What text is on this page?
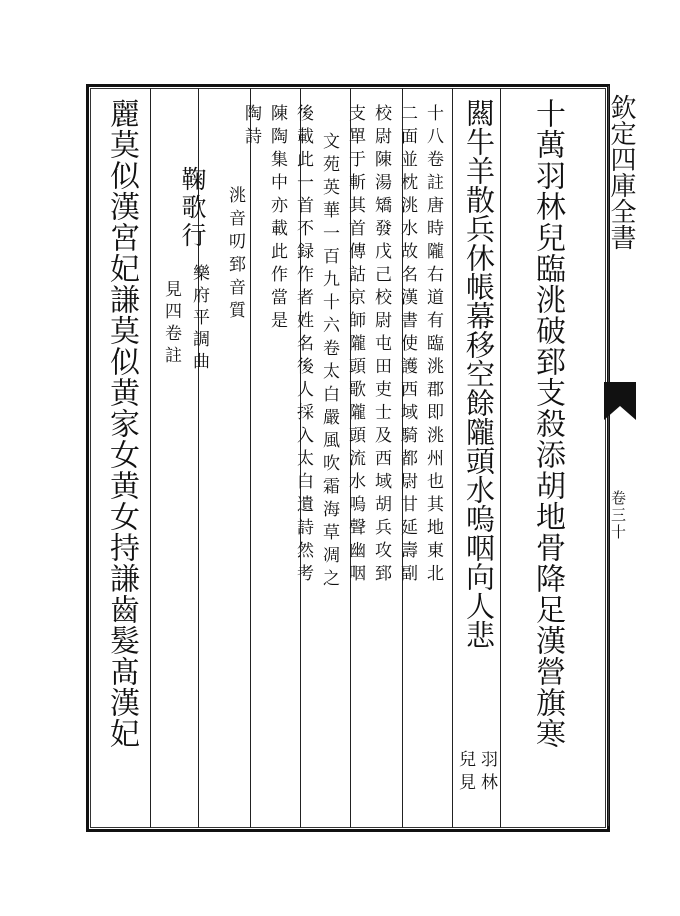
欽定四庫全書
卷三十
十萬羽林兒臨洮破郅支殺添胡地骨降足漢營旗寒
闗牛羊散兵休帳幕移空餘隴頭水嗚咽向人悲
羽林
兒見
十八卷註唐時隴右道有臨洮郡即洮州也其地東北
二面並枕洮水故名漢書使護西域騎都尉甘延壽副
校尉陳湯矯發戊己校尉屯田吏士及西域胡兵攻郅
支單于斬其首傳詁京師隴頭歌隴頭流水嗚聲幽咽
文苑英華一百九十六卷太白嚴風吹霜海草凋之
後載此一首不録作者姓名後人採入太白遺詩然考
陳陶集中亦載此作當是
陶詩
洮音叨郅音質
鞠歌行
樂府平調曲
見四卷註
麗莫似漢宮妃謙莫似黄家女黄女持謙齒髮髙漢妃
